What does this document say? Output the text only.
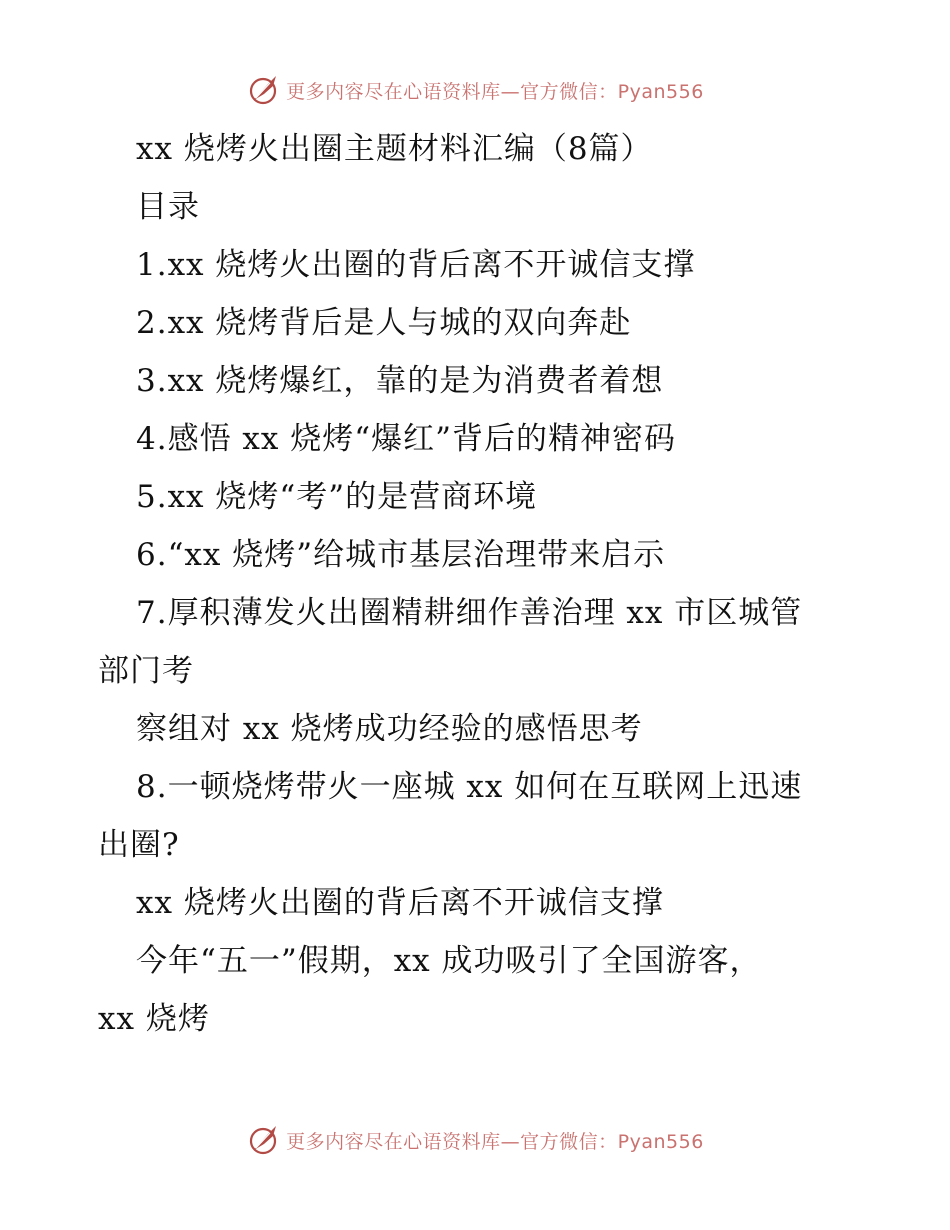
更多内容尽在心语资料库—官方微信：Pyan556
xx 烧烤火出圈主题材料汇编（8篇）
目录
1.xx 烧烤火出圈的背后离不开诚信支撑
2.xx 烧烤背后是人与城的双向奔赴
3.xx 烧烤爆红，靠的是为消费者着想
4.感悟 xx 烧烤“爆红”背后的精神密码
5.xx 烧烤“考”的是营商环境
6.“xx 烧烤”给城市基层治理带来启示
7.厚积薄发火出圈精耕细作善治理 xx 市区城管
部门考
察组对 xx 烧烤成功经验的感悟思考
8.一顿烧烤带火一座城 xx 如何在互联网上迅速
出圈?
xx 烧烤火出圈的背后离不开诚信支撑
今年“五一”假期，xx 成功吸引了全国游客，
xx 烧烤
更多内容尽在心语资料库—官方微信：Pyan556
